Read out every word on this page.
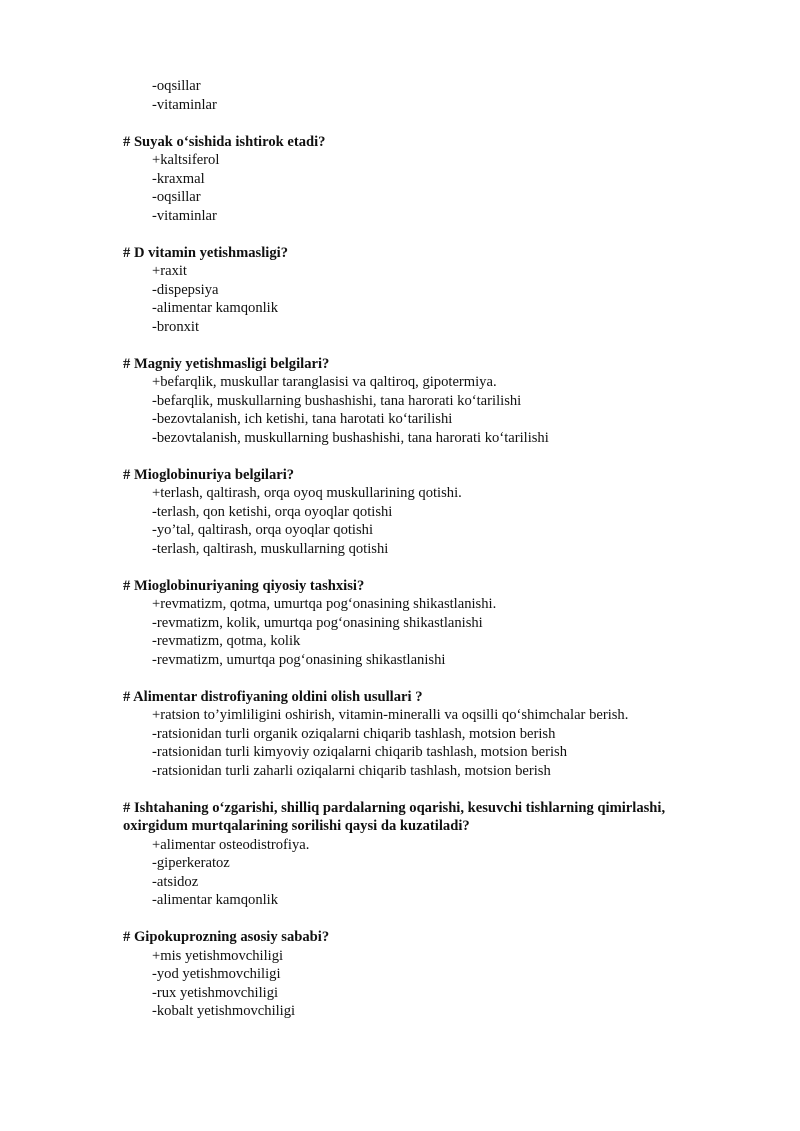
-oqsillar
-vitaminlar
# Suyak o‘sishida ishtirok etadi?
+kaltsiferol
-kraxmal
-oqsillar
-vitaminlar
# D vitamin yetishmasligi?
+raxit
-dispepsiya
-alimentar kamqonlik
-bronxit
# Magniy yetishmasligi belgilari?
+befarqlik, muskullar taranglasisi va qaltiroq, gipotermiya.
-befarqlik, muskullarning bushashishi, tana harorati ko‘tarilishi
-bezovtalanish, ich ketishi, tana harotati ko‘tarilishi
-bezovtalanish, muskullarning bushashishi, tana harorati ko‘tarilishi
# Mioglobinuriya belgilari?
+terlash, qaltirash, orqa oyoq muskullarining qotishi.
-terlash, qon ketishi, orqa oyoqlar qotishi
-yo’tal, qaltirash, orqa oyoqlar qotishi
-terlash, qaltirash, muskullarning qotishi
# Mioglobinuriyaning qiyosiy tashxisi?
+revmatizm, qotma, umurtqa pog‘onasining shikastlanishi.
-revmatizm, kolik, umurtqa pog‘onasining shikastlanishi
-revmatizm, qotma, kolik
-revmatizm, umurtqa pog‘onasining shikastlanishi
# Alimentar distrofiyaning oldini olish usullari ?
+ratsion to’yimliligini oshirish, vitamin-mineralli va oqsilli qo‘shimchalar berish.
-ratsionidan turli organik oziqalarni chiqarib tashlash, motsion berish
-ratsionidan turli kimyoviy oziqalarni chiqarib tashlash, motsion berish
-ratsionidan turli zaharli oziqalarni chiqarib tashlash, motsion berish
# Ishtahaning o‘zgarishi, shilliq pardalarning oqarishi, kesuvchi tishlarning qimirlashi,
oxirgidum murtqalarining sorilishi qaysi da kuzatiladi?
+alimentar osteodistrofiya.
-giperkeratoz
-atsidoz
-alimentar kamqonlik
# Gipokuprozning asosiy sababi?
+mis yetishmovchiligi
-yod yetishmovchiligi
-rux yetishmovchiligi
-kobalt yetishmovchiligi
